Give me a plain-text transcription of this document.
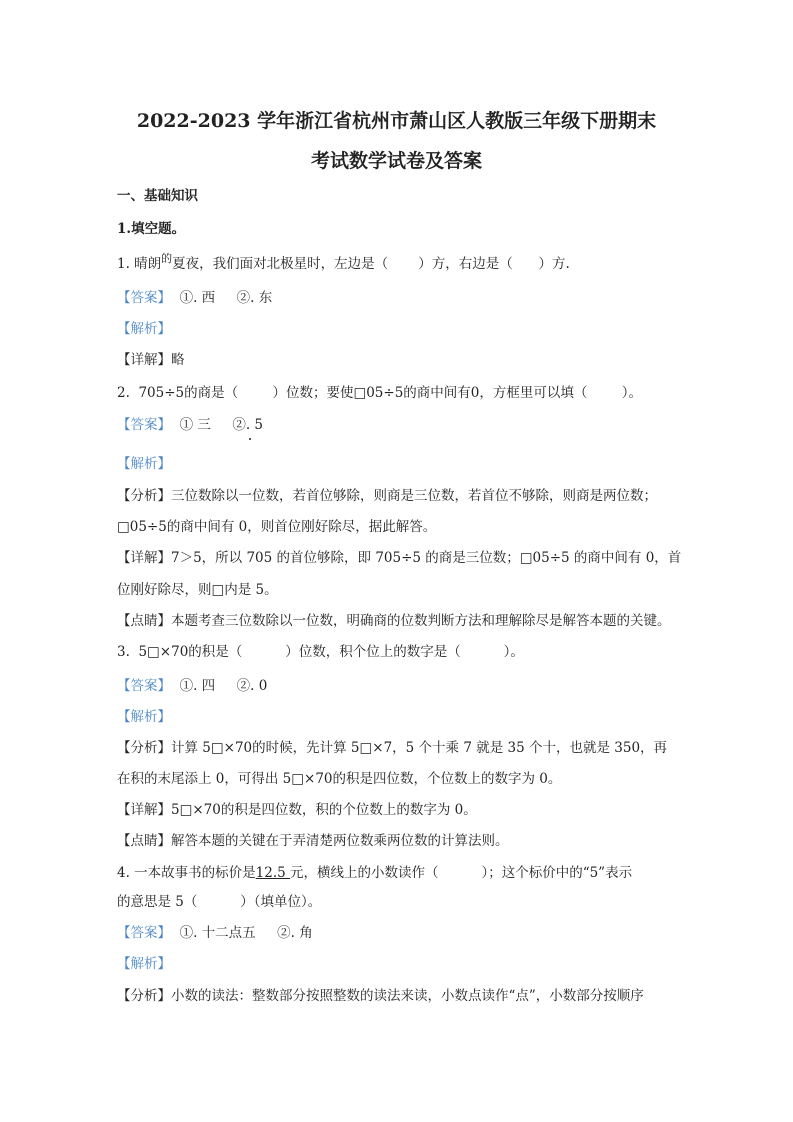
2022-2023 学年浙江省杭州市萧山区人教版三年级下册期末
考试数学试卷及答案
一、基础知识
1.填空题。
1. 晴朗$^的$夏夜，我们面对北极星时，左边是（       ）方，右边是（      ）方.
【答案】  ①. 西     ②. 东
【解析】
【详解】略
2.  705÷5的商是（        ）位数；要使□05÷5的商中间有0，方框里可以填（        ）。
【答案】  ① 三     ②. 5
【解析】
【分析】三位数除以一位数，若首位够除，则商是三位数，若首位不够除，则商是两位数；
□05÷5的商中间有 0，则首位刚好除尽，据此解答。
【详解】7＞5，所以 705 的首位够除，即 705÷5 的商是三位数；□05÷5 的商中间有 0，首
位刚好除尽，则□内是 5。
【点睛】本题考查三位数除以一位数，明确商的位数判断方法和理解除尽是解答本题的关键。
3.  5□×70的积是（          ）位数，积个位上的数字是（          ）。
【答案】  ①. 四     ②. 0
【解析】
【分析】计算 5□×70的时候，先计算 5□×7，5 个十乘 7 就是 35 个十，也就是 350，再
在积的末尾添上 0，可得出 5□×70的积是四位数，个位数上的数字为 0。
【详解】5□×70的积是四位数，积的个位数上的数字为 0。
【点睛】解答本题的关键在于弄清楚两位数乘两位数的计算法则。
4. 一本故事书的标价是12.5 元，横线上的小数读作（          ）；这个标价中的“5”表示
的意思是 5（          ）（填单位）。
【答案】  ①. 十二点五     ②. 角
【解析】
【分析】小数的读法：整数部分按照整数的读法来读，小数点读作“点”，小数部分按顺序
